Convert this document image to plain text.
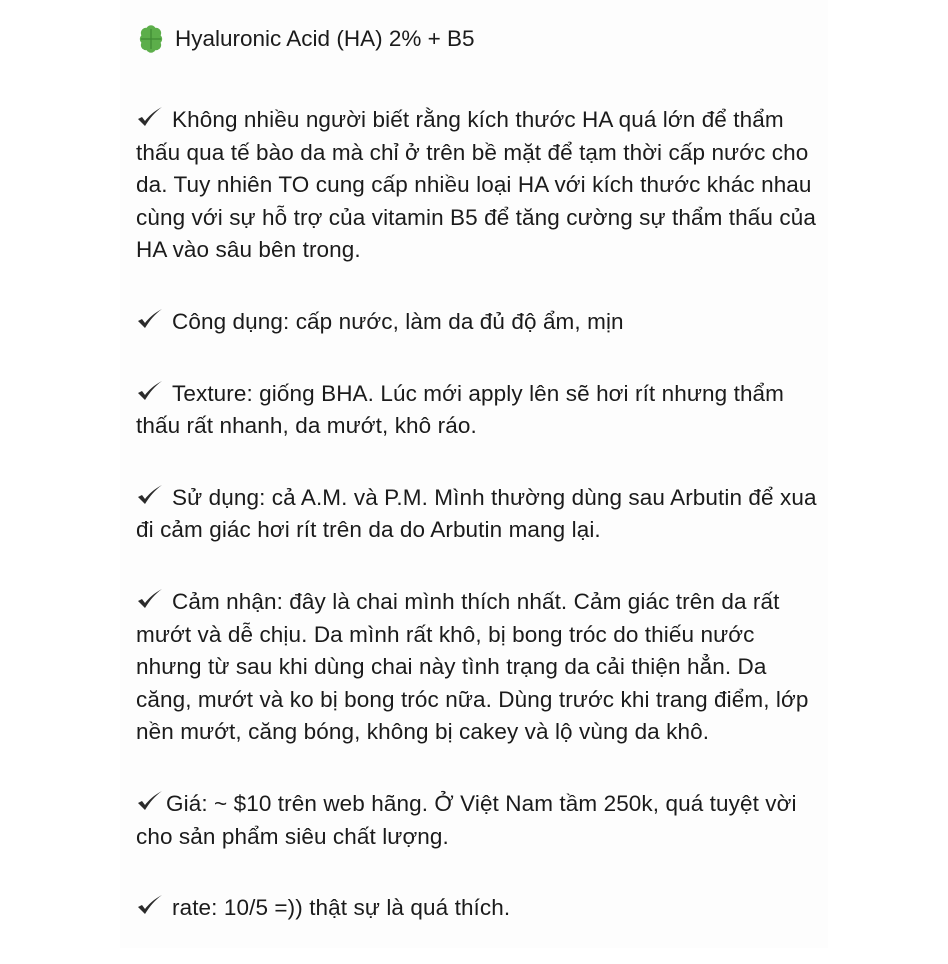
Hyaluronic Acid (HA) 2% + B5
Không nhiều người biết rằng kích thước HA quá lớn để thẩm thấu qua tế bào da mà chỉ ở trên bề mặt để tạm thời cấp nước cho da. Tuy nhiên TO cung cấp nhiều loại HA với kích thước khác nhau cùng với sự hỗ trợ của vitamin B5 để tăng cường sự thẩm thấu của HA vào sâu bên trong.
Công dụng: cấp nước, làm da đủ độ ẩm, mịn
Texture: giống BHA. Lúc mới apply lên sẽ hơi rít nhưng thẩm thấu rất nhanh, da mướt, khô ráo.
Sử dụng: cả A.M. và P.M. Mình thường dùng sau Arbutin để xua đi cảm giác hơi rít trên da do Arbutin mang lại.
Cảm nhận: đây là chai mình thích nhất. Cảm giác trên da rất mướt và dễ chịu. Da mình rất khô, bị bong tróc do thiếu nước nhưng từ sau khi dùng chai này tình trạng da cải thiện hẳn. Da căng, mướt và ko bị bong tróc nữa. Dùng trước khi trang điểm, lớp nền mướt, căng bóng, không bị cakey và lộ vùng da khô.
Giá: ~ $10 trên web hãng. Ở Việt Nam tầm 250k, quá tuyệt vời cho sản phẩm siêu chất lượng.
rate: 10/5 =)) thật sự là quá thích.
